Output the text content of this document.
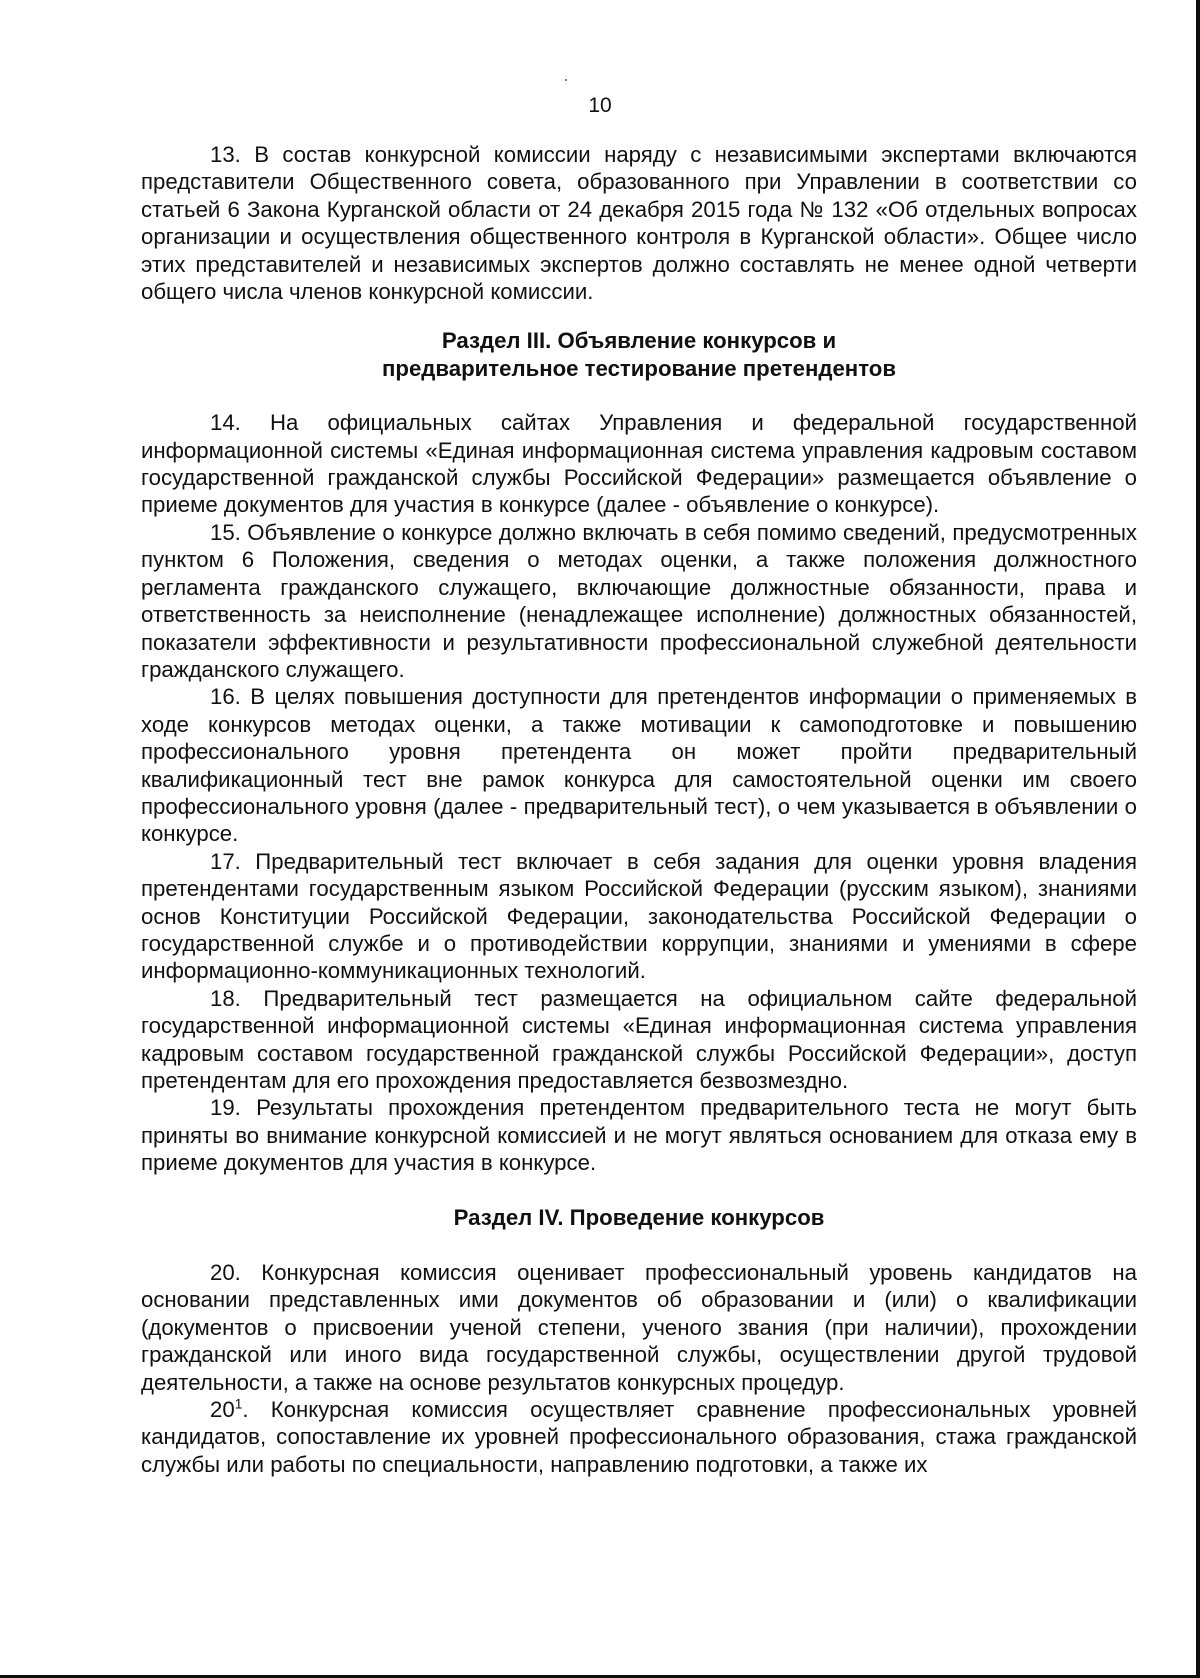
10

13. В состав конкурсной комиссии наряду с независимыми экспертами включаются представители Общественного совета, образованного при Управлении в соответствии со статьей 6 Закона Курганской области от 24 декабря 2015 года № 132 «Об отдельных вопросах организации и осуществления общественного контроля в Курганской области». Общее число этих представителей и независимых экспертов должно составлять не менее одной четверти общего числа членов конкурсной комиссии.

Раздел III. Объявление конкурсов и
предварительное тестирование претендентов

14. На официальных сайтах Управления и федеральной государственной информационной системы «Единая информационная система управления кадровым составом государственной гражданской службы Российской Федерации» размещается объявление о приеме документов для участия в конкурсе (далее - объявление о конкурсе).

15. Объявление о конкурсе должно включать в себя помимо сведений, предусмотренных пунктом 6 Положения, сведения о методах оценки, а также положения должностного регламента гражданского служащего, включающие должностные обязанности, права и ответственность за неисполнение (ненадлежащее исполнение) должностных обязанностей, показатели эффективности и результативности профессиональной служебной деятельности гражданского служащего.

16. В целях повышения доступности для претендентов информации о применяемых в ходе конкурсов методах оценки, а также мотивации к самоподготовке и повышению профессионального уровня претендента он может пройти предварительный квалификационный тест вне рамок конкурса для самостоятельной оценки им своего профессионального уровня (далее - предварительный тест), о чем указывается в объявлении о конкурсе.

17. Предварительный тест включает в себя задания для оценки уровня владения претендентами государственным языком Российской Федерации (русским языком), знаниями основ Конституции Российской Федерации, законодательства Российской Федерации о государственной службе и о противодействии коррупции, знаниями и умениями в сфере информационно-коммуникационных технологий.

18. Предварительный тест размещается на официальном сайте федеральной государственной информационной системы «Единая информационная система управления кадровым составом государственной гражданской службы Российской Федерации», доступ претендентам для его прохождения предоставляется безвозмездно.

19. Результаты прохождения претендентом предварительного теста не могут быть приняты во внимание конкурсной комиссией и не могут являться основанием для отказа ему в приеме документов для участия в конкурсе.

Раздел IV. Проведение конкурсов

20. Конкурсная комиссия оценивает профессиональный уровень кандидатов на основании представленных ими документов об образовании и (или) о квалификации (документов о присвоении ученой степени, ученого звания (при наличии), прохождении гражданской или иного вида государственной службы, осуществлении другой трудовой деятельности, а также на основе результатов конкурсных процедур.

$20^1$. Конкурсная комиссия осуществляет сравнение профессиональных уровней кандидатов, сопоставление их уровней профессионального образования, стажа гражданской службы или работы по специальности, направлению подготовки, а также их
